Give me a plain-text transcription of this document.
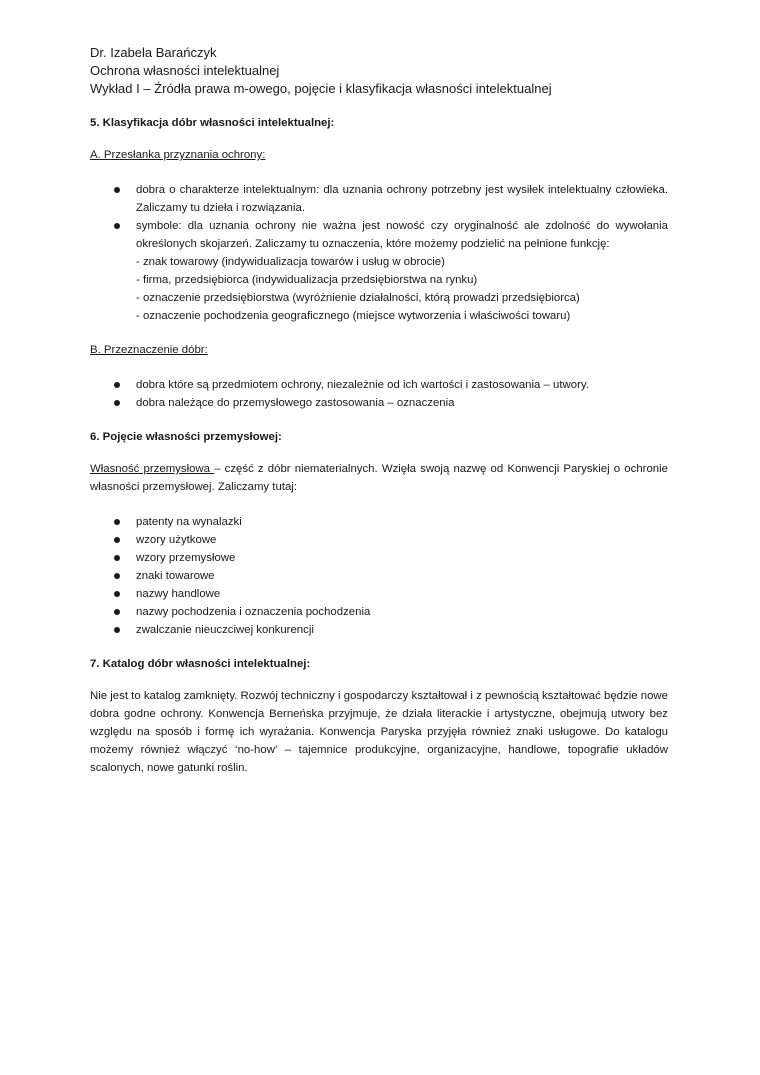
Dr. Izabela Barańczyk
Ochrona własności intelektualnej
Wykład I – Źródła prawa m-owego, pojęcie i klasyfikacja własności intelektualnej
5. Klasyfikacja dóbr własności intelektualnej:
A. Przesłanka przyznania ochrony:
dobra o charakterze intelektualnym: dla uznania ochrony potrzebny jest wysiłek intelektualny człowieka. Zaliczamy tu dzieła i rozwiązania.
symbole: dla uznania ochrony nie ważna jest nowość czy oryginalność ale zdolność do wywołania określonych skojarzeń. Zaliczamy tu oznaczenia, które możemy podzielić na pełnione funkcję:
- znak towarowy (indywidualizacja towarów i usług w obrocie)
- firma, przedsiębiorca (indywidualizacja przedsiębiorstwa na rynku)
- oznaczenie przedsiębiorstwa (wyróżnienie działalności, którą prowadzi przedsiębiorca)
- oznaczenie pochodzenia geograficznego (miejsce wytworzenia i właściwości towaru)
B. Przeznaczenie dóbr:
dobra które są przedmiotem ochrony, niezależnie od ich wartości i zastosowania – utwory.
dobra należące do przemysłowego zastosowania – oznaczenia
6. Pojęcie własności przemysłowej:

Własność przemysłowa – część z dóbr niematerialnych. Wzięła swoją nazwę od Konwencji Paryskiej o ochronie własności przemysłowej. Zaliczamy tutaj:

patenty na wynalazki
wzory użytkowe
wzory przemysłowe
znaki towarowe
nazwy handlowe
nazwy pochodzenia i oznaczenia pochodzenia
zwalczanie nieuczciwej konkurencji
7. Katalog dóbr własności intelektualnej:

Nie jest to katalog zamknięty. Rozwój techniczny i gospodarczy kształtował i z pewnością kształtować będzie nowe dobra godne ochrony. Konwencja Berneńska przyjmuje, że działa literackie i artystyczne, obejmują utwory bez względu na sposób i formę ich wyrażania. Konwencja Paryska przyjęła również znaki usługowe. Do katalogu możemy również włączyć ‘no-how’ – tajemnice produkcyjne, organizacyjne, handlowe, topografie układów scalonych, nowe gatunki roślin.
